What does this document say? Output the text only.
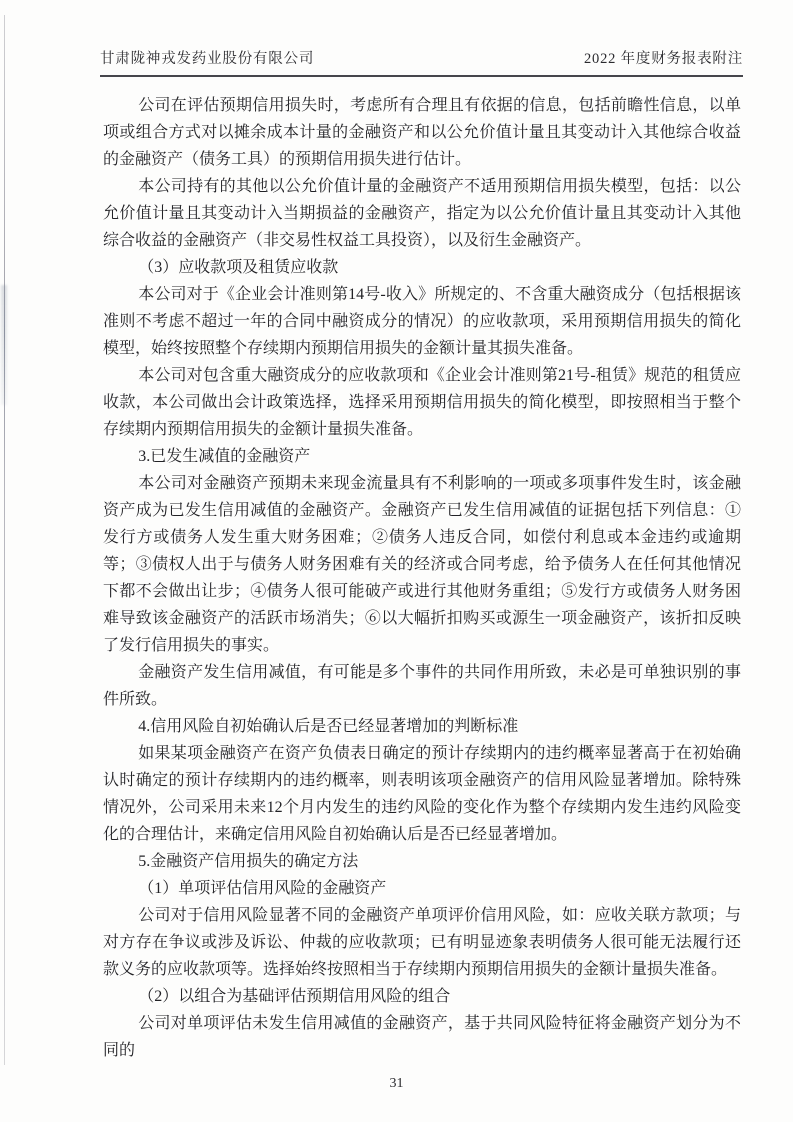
甘肃陇神戎发药业股份有限公司	2022 年度财务报表附注

公司在评估预期信用损失时，考虑所有合理且有依据的信息，包括前瞻性信息，以单项或组合方式对以摊余成本计量的金融资产和以公允价值计量且其变动计入其他综合收益的金融资产（债务工具）的预期信用损失进行估计。

本公司持有的其他以公允价值计量的金融资产不适用预期信用损失模型，包括：以公允价值计量且其变动计入当期损益的金融资产，指定为以公允价值计量且其变动计入其他综合收益的金融资产（非交易性权益工具投资），以及衍生金融资产。

（3）应收款项及租赁应收款

本公司对于《企业会计准则第14号-收入》所规定的、不含重大融资成分（包括根据该准则不考虑不超过一年的合同中融资成分的情况）的应收款项，采用预期信用损失的简化模型，始终按照整个存续期内预期信用损失的金额计量其损失准备。

本公司对包含重大融资成分的应收款项和《企业会计准则第21号-租赁》规范的租赁应收款，本公司做出会计政策选择，选择采用预期信用损失的简化模型，即按照相当于整个存续期内预期信用损失的金额计量损失准备。

3.已发生减值的金融资产

本公司对金融资产预期未来现金流量具有不利影响的一项或多项事件发生时，该金融资产成为已发生信用减值的金融资产。金融资产已发生信用减值的证据包括下列信息：①发行方或债务人发生重大财务困难；②债务人违反合同，如偿付利息或本金违约或逾期等；③债权人出于与债务人财务困难有关的经济或合同考虑，给予债务人在任何其他情况下都不会做出让步；④债务人很可能破产或进行其他财务重组；⑤发行方或债务人财务困难导致该金融资产的活跃市场消失；⑥以大幅折扣购买或源生一项金融资产，该折扣反映了发行信用损失的事实。

金融资产发生信用减值，有可能是多个事件的共同作用所致，未必是可单独识别的事件所致。

4.信用风险自初始确认后是否已经显著增加的判断标准

如果某项金融资产在资产负债表日确定的预计存续期内的违约概率显著高于在初始确认时确定的预计存续期内的违约概率，则表明该项金融资产的信用风险显著增加。除特殊情况外，公司采用未来12个月内发生的违约风险的变化作为整个存续期内发生违约风险变化的合理估计，来确定信用风险自初始确认后是否已经显著增加。

5.金融资产信用损失的确定方法

（1）单项评估信用风险的金融资产

公司对于信用风险显著不同的金融资产单项评价信用风险，如：应收关联方款项；与对方存在争议或涉及诉讼、仲裁的应收款项；已有明显迹象表明债务人很可能无法履行还款义务的应收款项等。选择始终按照相当于存续期内预期信用损失的金额计量损失准备。

（2）以组合为基础评估预期信用风险的组合

公司对单项评估未发生信用减值的金融资产，基于共同风险特征将金融资产划分为不同的

31
